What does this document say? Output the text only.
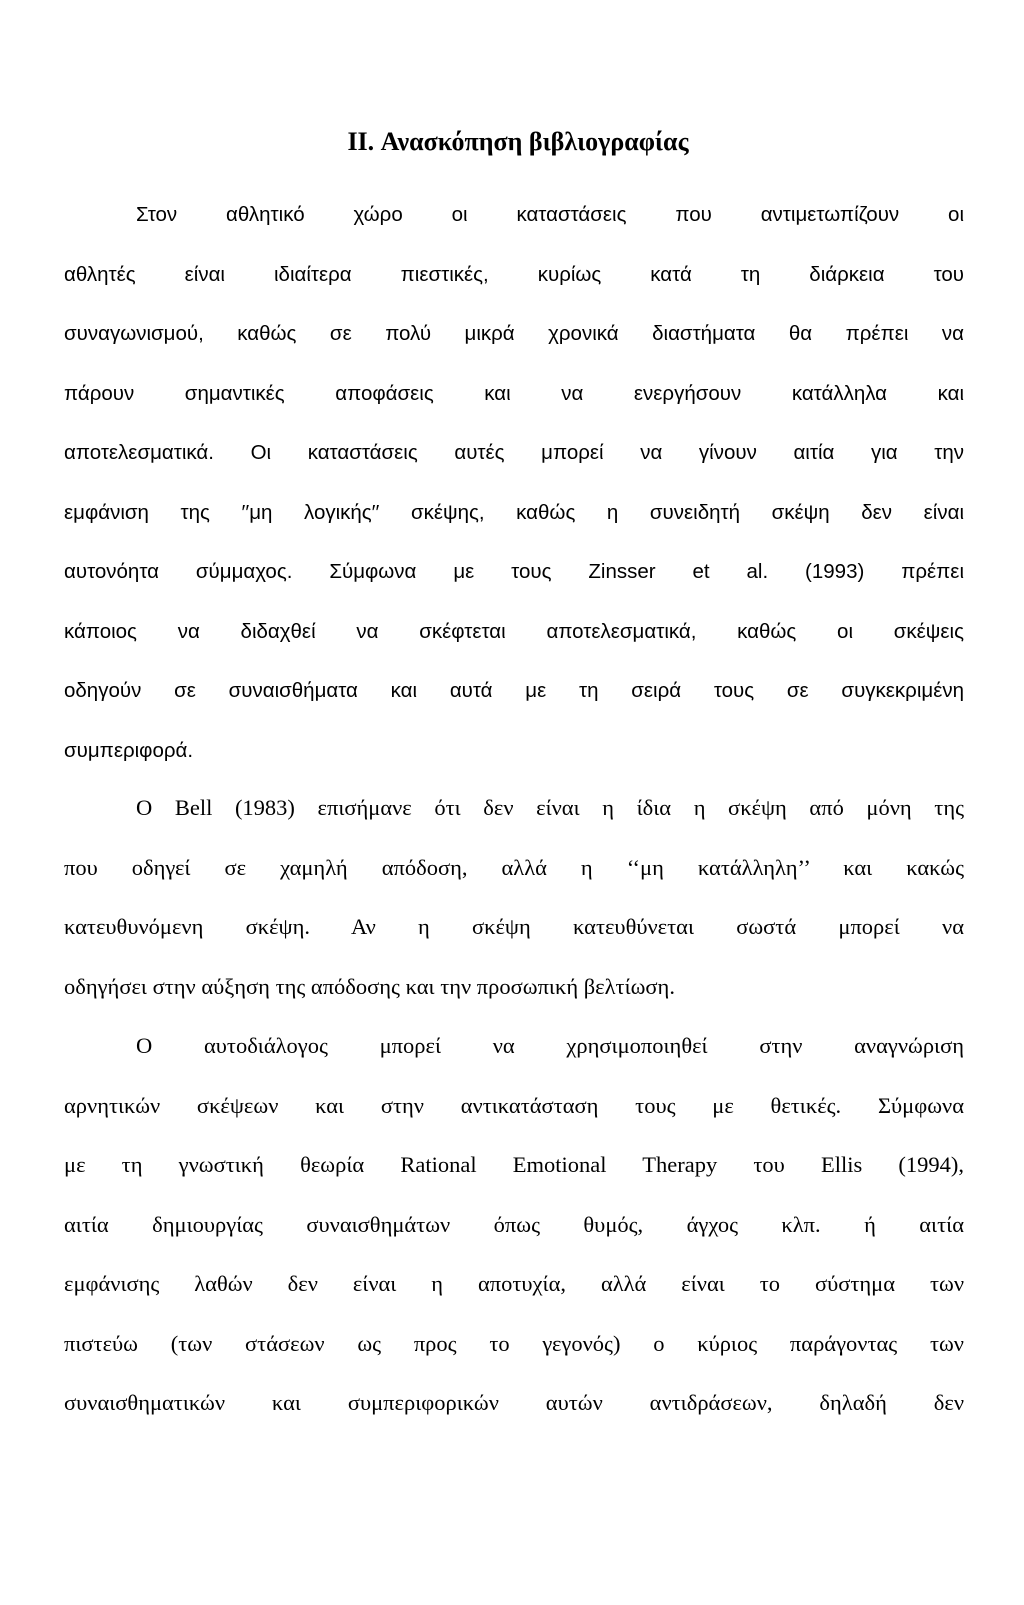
II. Ανασκόπηση βιβλιογραφίας
Στον αθλητικό χώρο οι καταστάσεις που αντιμετωπίζουν οι
αθλητές είναι ιδιαίτερα πιεστικές, κυρίως κατά τη διάρκεια του
συναγωνισμού, καθώς σε πολύ μικρά χρονικά διαστήματα θα πρέπει να
πάρουν σημαντικές αποφάσεις και να ενεργήσουν κατάλληλα και
αποτελεσματικά. Οι καταστάσεις αυτές μπορεί να γίνουν αιτία για την
εμφάνιση της ′′μη λογικής′′ σκέψης, καθώς η συνειδητή σκέψη δεν είναι
αυτονόητα σύμμαχος. Σύμφωνα με τους Zinsser et al. (1993) πρέπει
κάποιος να διδαχθεί να σκέφτεται αποτελεσματικά, καθώς οι σκέψεις
οδηγούν σε συναισθήματα και αυτά με τη σειρά τους σε συγκεκριμένη
συμπεριφορά.
Ο Bell (1983) επισήμανε ότι δεν είναι η ίδια η σκέψη από μόνη της
που οδηγεί σε χαμηλή απόδοση, αλλά η ‘‘μη κατάλληλη’’ και κακώς
κατευθυνόμενη σκέψη. Αν η σκέψη κατευθύνεται σωστά μπορεί να
οδηγήσει στην αύξηση της απόδοσης και την προσωπική βελτίωση.
Ο αυτοδιάλογος μπορεί να χρησιμοποιηθεί στην αναγνώριση
αρνητικών σκέψεων και στην αντικατάσταση τους με θετικές. Σύμφωνα
με τη γνωστική θεωρία Rational Emotional Therapy του Ellis (1994),
αιτία δημιουργίας συναισθημάτων όπως θυμός, άγχος κλπ. ή αιτία
εμφάνισης λαθών δεν είναι η αποτυχία, αλλά είναι το σύστημα των
πιστεύω (των στάσεων ως προς το γεγονός) ο κύριος παράγοντας των
συναισθηματικών και συμπεριφορικών αυτών αντιδράσεων, δηλαδή δεν
